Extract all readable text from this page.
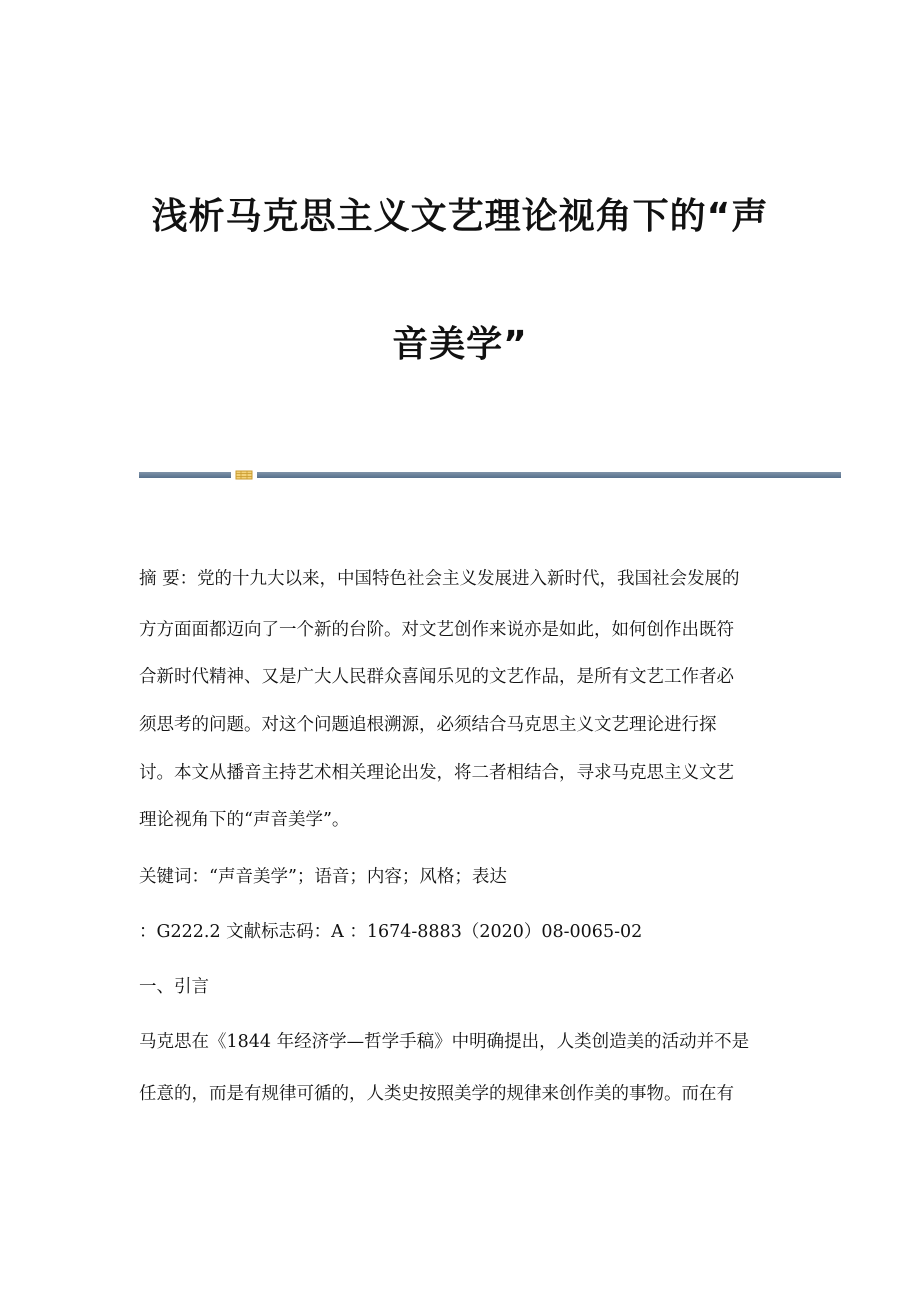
浅析马克思主义文艺理论视角下的“声
音美学”

摘 要：党的十九大以来，中国特色社会主义发展进入新时代，我国社会发展的

方方面面都迈向了一个新的台阶。对文艺创作来说亦是如此，如何创作出既符

合新时代精神、又是广大人民群众喜闻乐见的文艺作品，是所有文艺工作者必

须思考的问题。对这个问题追根溯源，必须结合马克思主义文艺理论进行探

讨。本文从播音主持艺术相关理论出发，将二者相结合，寻求马克思主义文艺

理论视角下的“声音美学”。

关键词：“声音美学”；语音；内容；风格；表达

：G222.2 文献标志码：A ：1674-8883（2020）08-0065-02

一、引言

马克思在《1844 年经济学—哲学手稿》中明确提出，人类创造美的活动并不是

任意的，而是有规律可循的，人类史按照美学的规律来创作美的事物。而在有
